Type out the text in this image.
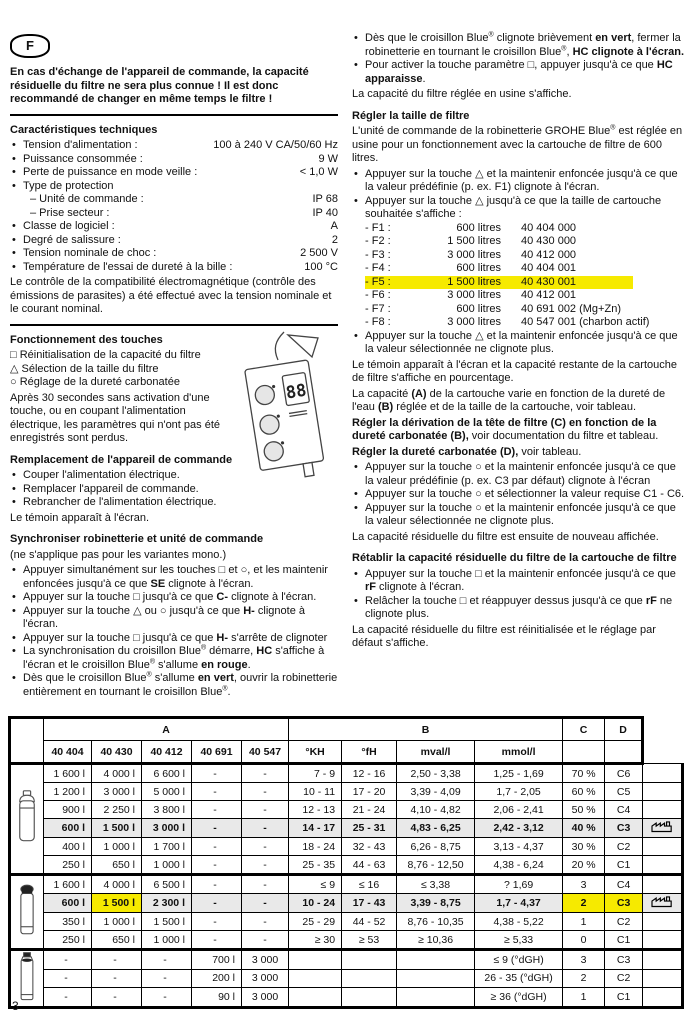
F

En cas d'échange de l'appareil de commande, la capacité résiduelle du filtre ne sera plus connue ! Il est donc recommandé de changer en même temps le filtre !

Caractéristiques techniques
• Tension d'alimentation :	100 à 240 V CA/50/60 Hz
• Puissance consommée :	9 W
• Perte de puissance en mode veille :	< 1,0 W
• Type de protection
– Unité de commande :	IP 68
– Prise secteur :	IP 40
• Classe de logiciel :	A
• Degré de salissure :	2
• Tension nominale de choc :	2 500 V
• Température de l'essai de dureté à la bille :	100 °C

Le contrôle de la compatibilité électromagnétique (contrôle des émissions de parasites) a été effectué avec la tension nominale et le courant nominal.

88
Fonctionnement des touches
□ Réinitialisation de la capacité du filtre
△ Sélection de la taille du filtre
○ Réglage de la dureté carbonatée

Après 30 secondes sans activation d'une touche, ou en coupant l'alimentation électrique, les paramètres qui n'ont pas été enregistrés sont perdus.

Remplacement de l'appareil de commande
• Couper l'alimentation électrique.
• Remplacer l'appareil de commande.
• Rebrancher de l'alimentation électrique.

Le témoin apparaît à l'écran.

Synchroniser robinetterie et unité de commande

(ne s'applique pas pour les variantes mono.)

• Appuyer simultanément sur les touches □ et ○, et les maintenir enfoncées jusqu'à ce que SE clignote à l'écran.
• Appuyer sur la touche □ jusqu'à ce que C- clignote à l'écran.
• Appuyer sur la touche △ ou ○ jusqu'à ce que H- clignote à l'écran.
• Appuyer sur la touche □ jusqu'à ce que H- s'arrête de clignoter
• La synchronisation du croisillon Blue® démarre, HC s'affiche à l'écran et le croisillon Blue® s'allume en rouge.
• Dès que le croisillon Blue® s'allume en vert, ouvrir la robinetterie entièrement en tournant le croisillon Blue®.
• Dès que le croisillon Blue® clignote brièvement en vert, fermer la robinetterie en tournant le croisillon Blue®, HC clignote à l'écran.
• Pour activer la touche paramètre □, appuyer jusqu'à ce que HC apparaisse.

La capacité du filtre réglée en usine s'affiche.

Régler la taille de filtre

L'unité de commande de la robinetterie GROHE Blue® est réglée en usine pour un fonctionnement avec la cartouche de filtre de 600 litres.

• Appuyer sur la touche △ et la maintenir enfoncée jusqu'à ce que la valeur prédéfinie (p. ex. F1) clignote à l'écran.
• Appuyer sur la touche △ jusqu'à ce que la taille de cartouche souhaitée s'affiche :
- F1 :	600 litres	40 404 000
- F2 :	1 500 litres	40 430 000
- F3 :	3 000 litres	40 412 000
- F4 :	600 litres	40 404 001
- F5 :	1 500 litres	40 430 001
- F6 :	3 000 litres	40 412 001
- F7 :	600 litres	40 691 002 (Mg+Zn)
- F8 :	3 000 litres	40 547 001 (charbon actif)
• Appuyer sur la touche △ et la maintenir enfoncée jusqu'à ce que la valeur sélectionnée ne clignote plus.

Le témoin apparaît à l'écran et la capacité restante de la cartouche de filtre s'affiche en pourcentage.

La capacité (A) de la cartouche varie en fonction de la dureté de l'eau (B) réglée et de la taille de la cartouche, voir tableau.

Régler la dérivation de la tête de filtre (C) en fonction de la dureté carbonatée (B), voir documentation du filtre et tableau.

Régler la dureté carbonatée (D), voir tableau.

• Appuyer sur la touche ○ et la maintenir enfoncée jusqu'à ce que la valeur prédéfinie (p. ex. C3 par défaut) clignote à l'écran
• Appuyer sur la touche ○ et sélectionner la valeur requise C1 - C6.
• Appuyer sur la touche ○ et la maintenir enfoncée jusqu'à ce que la valeur sélectionnée ne clignote plus.

La capacité résiduelle du filtre est ensuite de nouveau affichée.

Rétablir la capacité résiduelle du filtre de la cartouche de filtre
• Appuyer sur la touche □ et la maintenir enfoncée jusqu'à ce que rF clignote à l'écran.
• Relâcher la touche □ et réappuyer dessus jusqu'à ce que rF ne clignote plus.

La capacité résiduelle du filtre est réinitialisée et le réglage par défaut s'affiche.

	A					B				C	D	
	40 404	40 430	40 412	40 691	40 547	°KH	°fH	mval/l	mmol/l			
	1 600 l	4 000 l	6 600 l	-	-	7 - 9	12 - 16	2,50 - 3,38	1,25 - 1,69	70 %	C6	
	1 200 l	3 000 l	5 000 l	-	-	10 - 11	17 - 20	3,39 - 4,09	1,7 - 2,05	60 %	C5	
	900 l	2 250 l	3 800 l	-	-	12 - 13	21 - 24	4,10 - 4,82	2,06 - 2,41	50 %	C4	
	600 l	1 500 l	3 000 l	-	-	14 - 17	25 - 31	4,83 - 6,25	2,42 - 3,12	40 %	C3	
	400 l	1 000 l	1 700 l	-	-	18 - 24	32 - 43	6,26 - 8,75	3,13 - 4,37	30 %	C2	
	250 l	650 l	1 000 l	-	-	25 - 35	44 - 63	8,76 - 12,50	4,38 - 6,24	20 %	C1	
	1 600 l	4 000 l	6 500 l	-	-	≤ 9	≤ 16	≤ 3,38	? 1,69	3	C4	
	600 l	1 500 l	2 300 l	-	-	10 - 24	17 - 43	3,39 - 8,75	1,7 - 4,37	2	C3	
	350 l	1 000 l	1 500 l	-	-	25 - 29	44 - 52	8,76 - 10,35	4,38 - 5,22	1	C2	
	250 l	650 l	1 000 l	-	-	≥ 30	≥ 53	≥ 10,36	≥ 5,33	0	C1	
	-	-	-	700 l	3 000				≤ 9 (°dGH)	3	C3	
	-	-	-	200 l	3 000				26 - 35 (°dGH)	2	C2	
	-	-	-	90 l	3 000				≥ 36 (°dGH)	1	C1	
3
